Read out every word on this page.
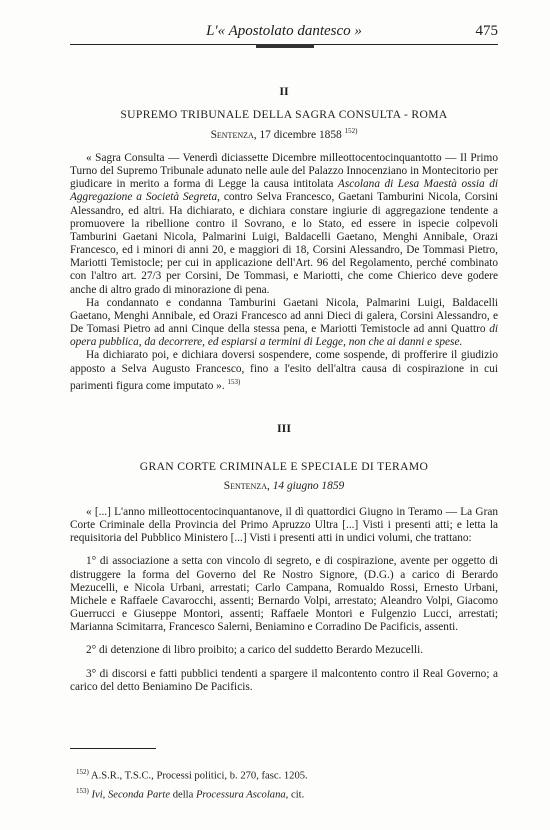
L'« Apostolato dantesco »	475
II
SUPREMO TRIBUNALE DELLA SAGRA CONSULTA - ROMA
Sentenza, 17 dicembre 1858 $^{152)}$

« Sagra Consulta — Venerdì diciassette Dicembre milleottocentocinquantotto — Il Primo Turno del Supremo Tribunale adunato nelle aule del Palazzo Innocenziano in Montecitorio per giudicare in merito a forma di Legge la causa intitolata Ascolana di Lesa Maestà ossia di Aggregazione a Società Segreta, contro Selva Francesco, Gaetani Tamburini Nicola, Corsini Alessandro, ed altri. Ha dichiarato, e dichiara constare ingiurie di aggregazione tendente a promuovere la ribellione contro il Sovrano, e lo Stato, ed essere in ispecie colpevoli Tamburini Gaetani Nicola, Palmarini Luigi, Baldacelli Gaetano, Menghi Annibale, Orazi Francesco, ed i minori di anni 20, e maggiori di 18, Corsini Alessandro, De Tommasi Pietro, Mariotti Temistocle; per cui in applicazione dell'Art. 96 del Regolamento, perché combinato con l'altro art. 27/3 per Corsini, De Tommasi, e Mariotti, che come Chierico deve godere anche di altro grado di minorazione di pena.

Ha condannato e condanna Tamburini Gaetani Nicola, Palmarini Luigi, Baldacelli Gaetano, Menghi Annibale, ed Orazi Francesco ad anni Dieci di galera, Corsini Alessandro, e De Tomasi Pietro ad anni Cinque della stessa pena, e Mariotti Temistocle ad anni Quattro di opera pubblica, da decorrere, ed espiarsi a termini di Legge, non che ai danni e spese.

Ha dichiarato poi, e dichiara doversi sospendere, come sospende, di profferire il giudizio apposto a Selva Augusto Francesco, fino a l'esito dell'altra causa di cospirazione in cui parimenti figura come imputato ». $^{153)}$

III
GRAN CORTE CRIMINALE E SPECIALE DI TERAMO
Sentenza, 14 giugno 1859

« [...] L'anno milleottocentocinquantanove, il dì quattordici Giugno in Teramo — La Gran Corte Criminale della Provincia del Primo Apruzzo Ultra [...] Visti i presenti atti; e letta la requisitoria del Pubblico Ministero [...] Visti i presenti atti in undici volumi, che trattano:

1° di associazione a setta con vincolo di segreto, e di cospirazione, avente per oggetto di distruggere la forma del Governo del Re Nostro Signore, (D.G.) a carico di Berardo Mezucelli, e Nicola Urbani, arrestati; Carlo Campana, Romualdo Rossi, Ernesto Urbani, Michele e Raffaele Cavarocchi, assenti; Bernardo Volpi, arrestato; Aleandro Volpi, Giacomo Guerrucci e Giuseppe Montori, assenti; Raffaele Montori e Fulgenzio Lucci, arrestati; Marianna Scimitarra, Francesco Salerni, Beniamino e Corradino De Pacificis, assenti.

2° di detenzione di libro proibito; a carico del suddetto Berardo Mezucelli.

3° di discorsi e fatti pubblici tendenti a spargere il malcontento contro il Real Governo; a carico del detto Beniamino De Pacificis.

$^{152)}$ A.S.R., T.S.C., Processi politici, b. 270, fasc. 1205.
$^{153)}$ Ivi, Seconda Parte della Processura Ascolana, cit.
